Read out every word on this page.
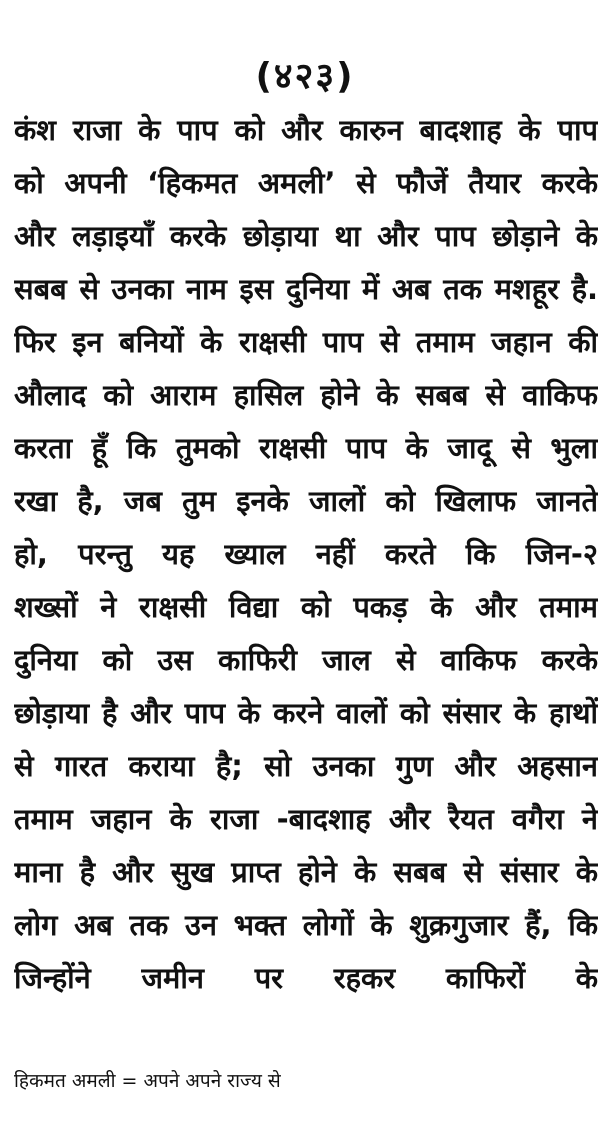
(४२३)
कंश राजा के पाप को और कारुन बादशाह के पाप
को अपनी ‘हिकमत अमली’ से फौजें तैयार करके
और लड़ाइयाँ करके छोड़ाया था और पाप छोड़ाने के
सबब से उनका नाम इस दुनिया में अब तक मशहूर है.
फिर इन बनियों के राक्षसी पाप से तमाम जहान की
औलाद को आराम हासिल होने के सबब से वाकिफ
करता हूँ कि तुमको राक्षसी पाप के जादू से भुला
रखा है, जब तुम इनके जालों को खिलाफ जानते
हो, परन्तु यह ख्याल नहीं करते कि जिन-२
शख्सों ने राक्षसी विद्या को पकड़ के और तमाम
दुनिया को उस काफिरी जाल से वाकिफ करके
छोड़ाया है और पाप के करने वालों को संसार के हाथों
से गारत कराया है; सो उनका गुण और अहसान
तमाम जहान के राजा -बादशाह और रैयत वगैरा ने
माना है और सुख प्राप्त होने के सबब से संसार के
लोग अब तक उन भक्त लोगों के शुक्रगुजार हैं, कि
जिन्होंने जमीन पर रहकर काफिरों के
हिकमत अमली = अपने अपने राज्य से
